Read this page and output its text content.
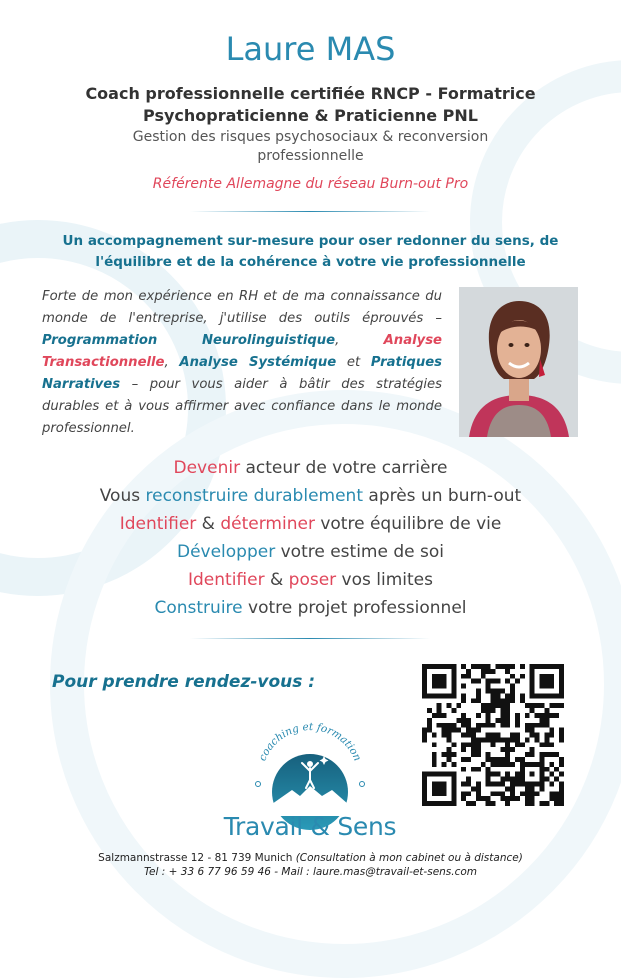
Laure MAS
Coach professionnelle certifiée RNCP - Formatrice
Psychopraticienne & Praticienne PNL
Gestion des risques psychosociaux & reconversion professionnelle
Référente Allemagne du réseau Burn-out Pro
Un accompagnement sur-mesure pour oser redonner du sens, de l'équilibre et de la cohérence à votre vie professionnelle
Forte de mon expérience en RH et de ma connaissance du monde de l'entreprise, j'utilise des outils éprouvés – Programmation Neurolinguistique, Analyse Transactionnelle, Analyse Systémique et Pratiques Narratives – pour vous aider à bâtir des stratégies durables et à vous affirmer avec confiance dans le monde professionnel.
Devenir acteur de votre carrière
Vous reconstruire durablement après un burn-out
Identifier & déterminer votre équilibre de vie
Développer votre estime de soi
Identifier & poser vos limites
Construire votre projet professionnel
Pour prendre rendez-vous :
coaching et formation
Travail & Sens
Salzmannstrasse 12 - 81 739 Munich (Consultation à mon cabinet ou à distance)
Tel : + 33 6 77 96 59 46 - Mail : laure.mas@travail-et-sens.com
